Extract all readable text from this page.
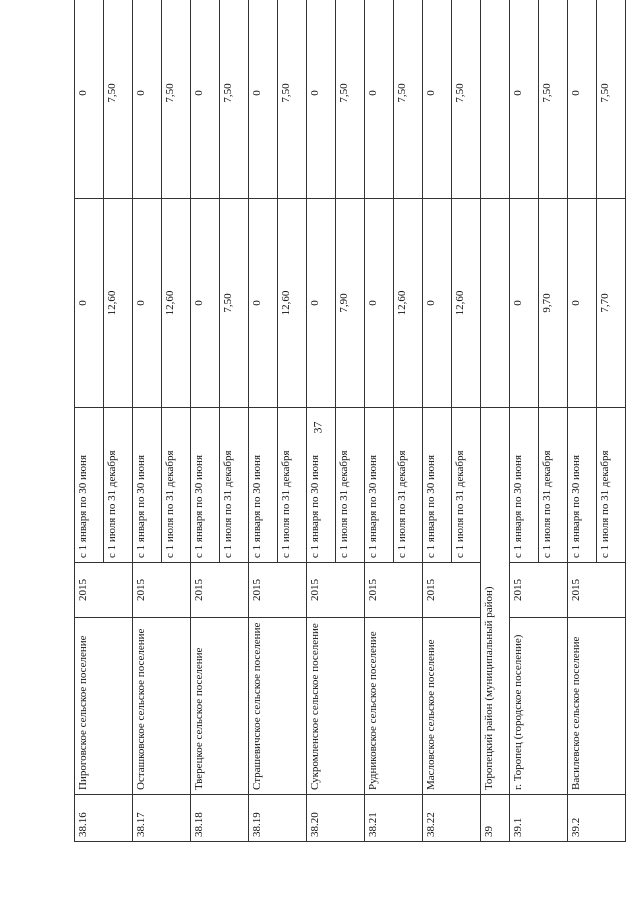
37
38.16	Пироговское сельское поселение	2015	с 1 января по 30 июня	0	0
			с 1 июля по 31 декабря	12,60	7,50
38.17	Осташковское сельское поселение	2015	с 1 января по 30 июня	0	0
			с 1 июля по 31 декабря	12,60	7,50
38.18	Тверецкое сельское поселение	2015	с 1 января по 30 июня	0	0
			с 1 июля по 31 декабря	7,50	7,50
38.19	Страшевичское сельское поселение	2015	с 1 января по 30 июня	0	0
			с 1 июля по 31 декабря	12,60	7,50
38.20	Сукромленское сельское поселение	2015	с 1 января по 30 июня	0	0
			с 1 июля по 31 декабря	7,90	7,50
38.21	Рудниковское сельское поселение	2015	с 1 января по 30 июня	0	0
			с 1 июля по 31 декабря	12,60	7,50
38.22	Масловское сельское поселение	2015	с 1 января по 30 июня	0	0
			с 1 июля по 31 декабря	12,60	7,50
39	Торопецкий район (муниципальный район)				
39.1	г. Торопец (городское поселение)	2015	с 1 января по 30 июня	0	0
			с 1 июля по 31 декабря	9,70	7,50
39.2	Василевское сельское поселение	2015	с 1 января по 30 июня	0	0
			с 1 июля по 31 декабря	7,70	7,50
